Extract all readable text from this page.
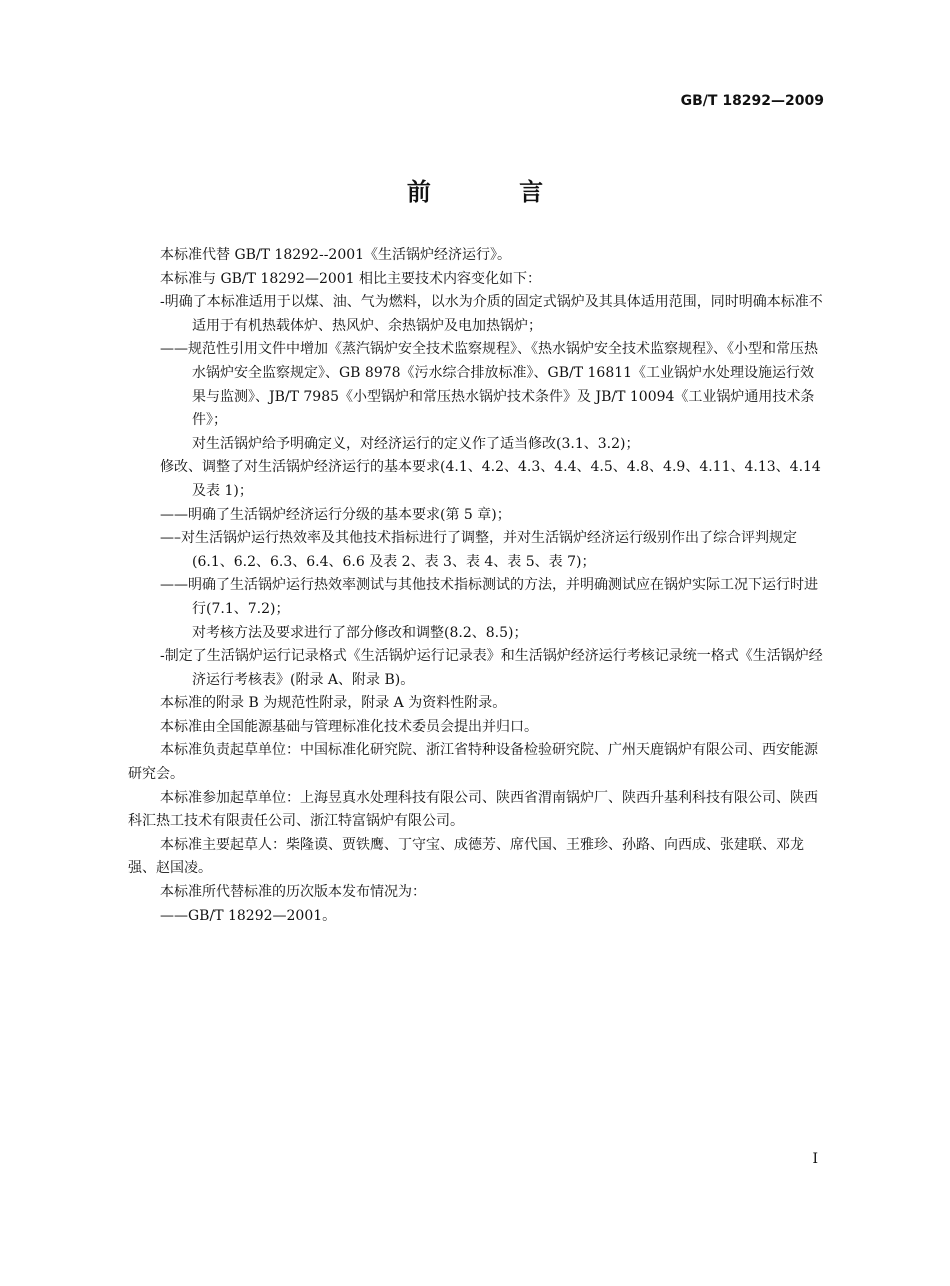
GB/T 18292—2009
前 言

本标准代替 GB/T 18292--2001《生活锅炉经济运行》。

本标准与 GB/T 18292—2001 相比主要技术内容变化如下：

-明确了本标准适用于以煤、油、气为燃料，以水为介质的固定式锅炉及其具体适用范围，同时明确本标准不适用于有机热载体炉、热风炉、余热锅炉及电加热锅炉；

——规范性引用文件中增加《蒸汽锅炉安全技术监察规程》、《热水锅炉安全技术监察规程》、《小型和常压热水锅炉安全监察规定》、GB 8978《污水综合排放标准》、GB/T 16811《工业锅炉水处理设施运行效果与监测》、JB/T 7985《小型锅炉和常压热水锅炉技术条件》及 JB/T 10094《工业锅炉通用技术条件》；

对生活锅炉给予明确定义，对经济运行的定义作了适当修改(3.1、3.2)；

修改、调整了对生活锅炉经济运行的基本要求(4.1、4.2、4.3、4.4、4.5、4.8、4.9、4.11、4.13、4.14 及表 1)；

——明确了生活锅炉经济运行分级的基本要求(第 5 章)；

—–对生活锅炉运行热效率及其他技术指标进行了调整，并对生活锅炉经济运行级别作出了综合评判规定(6.1、6.2、6.3、6.4、6.6 及表 2、表 3、表 4、表 5、表 7)；

——明确了生活锅炉运行热效率测试与其他技术指标测试的方法，并明确测试应在锅炉实际工况下运行时进行(7.1、7.2)；

对考核方法及要求进行了部分修改和调整(8.2、8.5)；

-制定了生活锅炉运行记录格式《生活锅炉运行记录表》和生活锅炉经济运行考核记录统一格式《生活锅炉经济运行考核表》(附录 A、附录 B)。

本标准的附录 B 为规范性附录，附录 A 为资料性附录。

本标准由全国能源基础与管理标准化技术委员会提出并归口。

本标准负责起草单位：中国标准化研究院、浙江省特种设备检验研究院、广州天鹿锅炉有限公司、西安能源研究会。

本标准参加起草单位：上海昱真水处理科技有限公司、陕西省渭南锅炉厂、陕西升基利科技有限公司、陕西科汇热工技术有限责任公司、浙江特富锅炉有限公司。

本标准主要起草人：柴隆谟、贾铁鹰、丁守宝、成德芳、席代国、王雅珍、孙路、向西成、张建联、邓龙强、赵国凌。

本标准所代替标准的历次版本发布情况为：

——GB/T 18292—2001。

I
